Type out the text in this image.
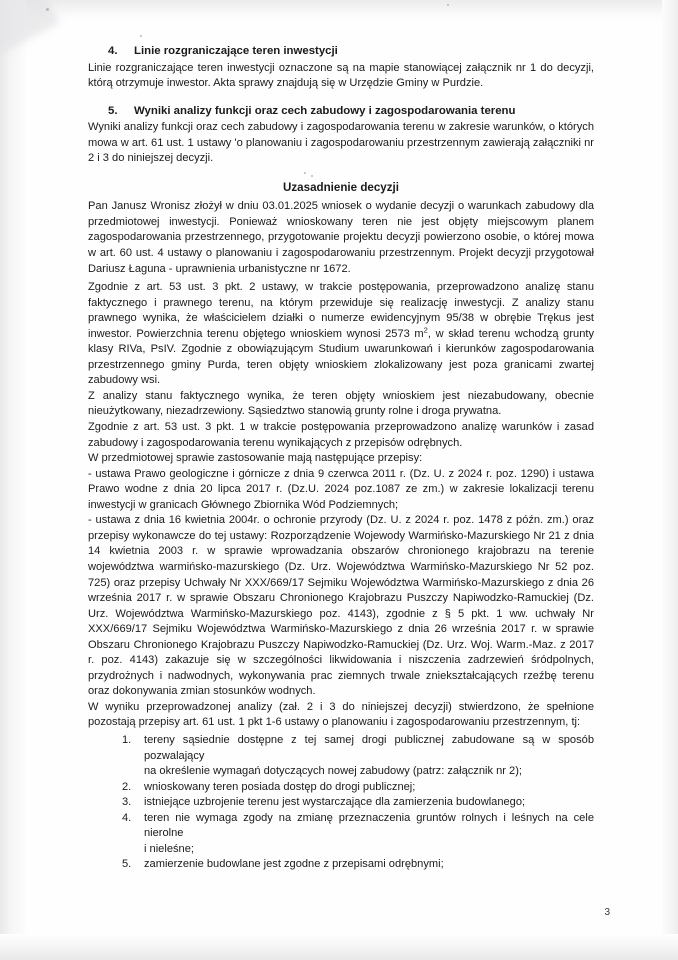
4.	Linie rozgraniczające teren inwestycji

Linie rozgraniczające teren inwestycji oznaczone są na mapie stanowiącej załącznik nr 1 do decyzji, którą otrzymuje inwestor. Akta sprawy znajdują się w Urzędzie Gminy w Purdzie.

5.	Wyniki analizy funkcji oraz cech zabudowy i zagospodarowania terenu

Wyniki analizy funkcji oraz cech zabudowy i zagospodarowania terenu w zakresie warunków, o których mowa w art. 61 ust. 1 ustawy 'o planowaniu i zagospodarowaniu przestrzennym zawierają załączniki nr 2 i 3 do niniejszej decyzji.

Uzasadnienie decyzji

Pan Janusz Wronisz złożył w dniu 03.01.2025 wniosek o wydanie decyzji o warunkach zabudowy dla przedmiotowej inwestycji. Ponieważ wnioskowany teren nie jest objęty miejscowym planem zagospodarowania przestrzennego, przygotowanie projektu decyzji powierzono osobie, o której mowa w art. 60 ust. 4 ustawy o planowaniu i zagospodarowaniu przestrzennym. Projekt decyzji przygotował Dariusz Łaguna - uprawnienia urbanistyczne nr 1672.

Zgodnie z art. 53 ust. 3 pkt. 2 ustawy, w trakcie postępowania, przeprowadzono analizę stanu faktycznego i prawnego terenu, na którym przewiduje się realizację inwestycji. Z analizy stanu prawnego wynika, że właścicielem działki o numerze ewidencyjnym 95/38 w obrębie Trękus jest inwestor. Powierzchnia terenu objętego wnioskiem wynosi 2573 $m^2$, w skład terenu wchodzą grunty klasy RIVa, PsIV. Zgodnie z obowiązującym Studium uwarunkowań i kierunków zagospodarowania przestrzennego gminy Purda, teren objęty wnioskiem zlokalizowany jest poza granicami zwartej zabudowy wsi.

Z analizy stanu faktycznego wynika, że teren objęty wnioskiem jest niezabudowany, obecnie nieużytkowany, niezadrzewiony. Sąsiedztwo stanowią grunty rolne i droga prywatna.

Zgodnie z art. 53 ust. 3 pkt. 1 w trakcie postępowania przeprowadzono analizę warunków i zasad zabudowy i zagospodarowania terenu wynikających z przepisów odrębnych.

W przedmiotowej sprawie zastosowanie mają następujące przepisy:

- ustawa Prawo geologiczne i górnicze z dnia 9 czerwca 2011 r. (Dz. U. z 2024 r. poz. 1290) i ustawa Prawo wodne z dnia 20 lipca 2017 r. (Dz.U. 2024 poz.1087 ze zm.) w zakresie lokalizacji terenu inwestycji w granicach Głównego Zbiornika Wód Podziemnych;

- ustawa z dnia 16 kwietnia 2004r. o ochronie przyrody (Dz. U. z 2024 r. poz. 1478 z późn. zm.) oraz przepisy wykonawcze do tej ustawy: Rozporządzenie Wojewody Warmińsko-Mazurskiego Nr 21 z dnia 14 kwietnia 2003 r. w sprawie wprowadzania obszarów chronionego krajobrazu na terenie województwa warmińsko-mazurskiego (Dz. Urz. Województwa Warmińsko-Mazurskiego Nr 52 poz. 725) oraz przepisy Uchwały Nr XXX/669/17 Sejmiku Województwa Warmińsko-Mazurskiego z dnia 26 września 2017 r. w sprawie Obszaru Chronionego Krajobrazu Puszczy Napiwodzko-Ramuckiej (Dz. Urz. Województwa Warmińsko-Mazurskiego poz. 4143), zgodnie z § 5 pkt. 1 ww. uchwały Nr XXX/669/17 Sejmiku Województwa Warmińsko-Mazurskiego z dnia 26 września 2017 r. w sprawie Obszaru Chronionego Krajobrazu Puszczy Napiwodzko-Ramuckiej (Dz. Urz. Woj. Warm.-Maz. z 2017 r. poz. 4143) zakazuje się w szczególności likwidowania i niszczenia zadrzewień śródpolnych, przydrożnych i nadwodnych, wykonywania prac ziemnych trwale zniekształcających rzeźbę terenu oraz dokonywania zmian stosunków wodnych.

W wyniku przeprowadzonej analizy (zał. 2 i 3 do niniejszej decyzji) stwierdzono, że spełnione pozostają przepisy art. 61 ust. 1 pkt 1-6 ustawy o planowaniu i zagospodarowaniu przestrzennym, tj:

1.	tereny sąsiednie dostępne z tej samej drogi publicznej zabudowane są w sposób pozwalający
na określenie wymagań dotyczących nowej zabudowy (patrz: załącznik nr 2);
2.	wnioskowany teren posiada dostęp do drogi publicznej;
3.	istniejące uzbrojenie terenu jest wystarczające dla zamierzenia budowlanego;
4.	teren nie wymaga zgody na zmianę przeznaczenia gruntów rolnych i leśnych na cele nierolne
i nieleśne;
5.	zamierzenie budowlane jest zgodne z przepisami odrębnymi;
3
